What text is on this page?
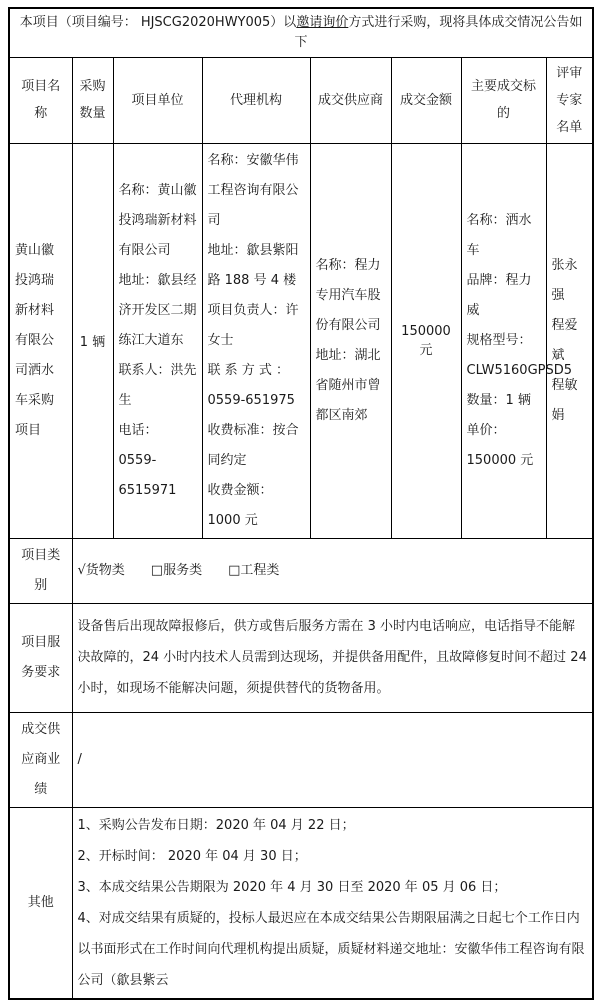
本项目（项目编号： HJSCG2020HWY005）以邀请询价方式进行采购，现将具体成交情况公告如下							
项目名称	采购数量	项目单位	代理机构	成交供应商	成交金额	主要成交标的	评审专家名单
黄山徽投鸿瑞新材料有限公司洒水车采购项目	1 辆	名称：黄山徽投鸿瑞新材料有限公司
地址：歙县经济开发区二期练江大道东
联系人：洪先生
电话：
0559-6515971	名称：安徽华伟工程咨询有限公司
地址：歙县紫阳路 188 号 4 楼
项目负责人：许女士
联 系 方 式 ：
0559-651975
收费标准：按合同约定
收费金额：1000 元	名称：程力专用汽车股份有限公司
地址：湖北省随州市曾都区南郊	150000 元	名称：洒水车
品牌：程力威
规格型号：
CLW5160GPSD5
数量：1 辆
单价：150000 元	张永强
程爱斌
程敏娟
项目类别	√货物类　　□服务类　　□工程类						
项目服务要求	设备售后出现故障报修后，供方或售后服务方需在 3 小时内电话响应，电话指导不能解决故障的，24 小时内技术人员需到达现场，并提供备用配件，且故障修复时间不超过 24 小时，如现场不能解决问题，须提供替代的货物备用。						
成交供应商业绩	/						
其他	1、采购公告发布日期：2020 年 04 月 22 日；
2、开标时间： 2020 年 04 月 30 日；
3、本成交结果公告期限为 2020 年 4 月 30 日至 2020 年 05 月 06 日；
4、对成交结果有质疑的，投标人最迟应在本成交结果公告期限届满之日起七个工作日内以书面形式在工作时间向代理机构提出质疑，质疑材料递交地址：安徽华伟工程咨询有限公司（歙县紫云						
